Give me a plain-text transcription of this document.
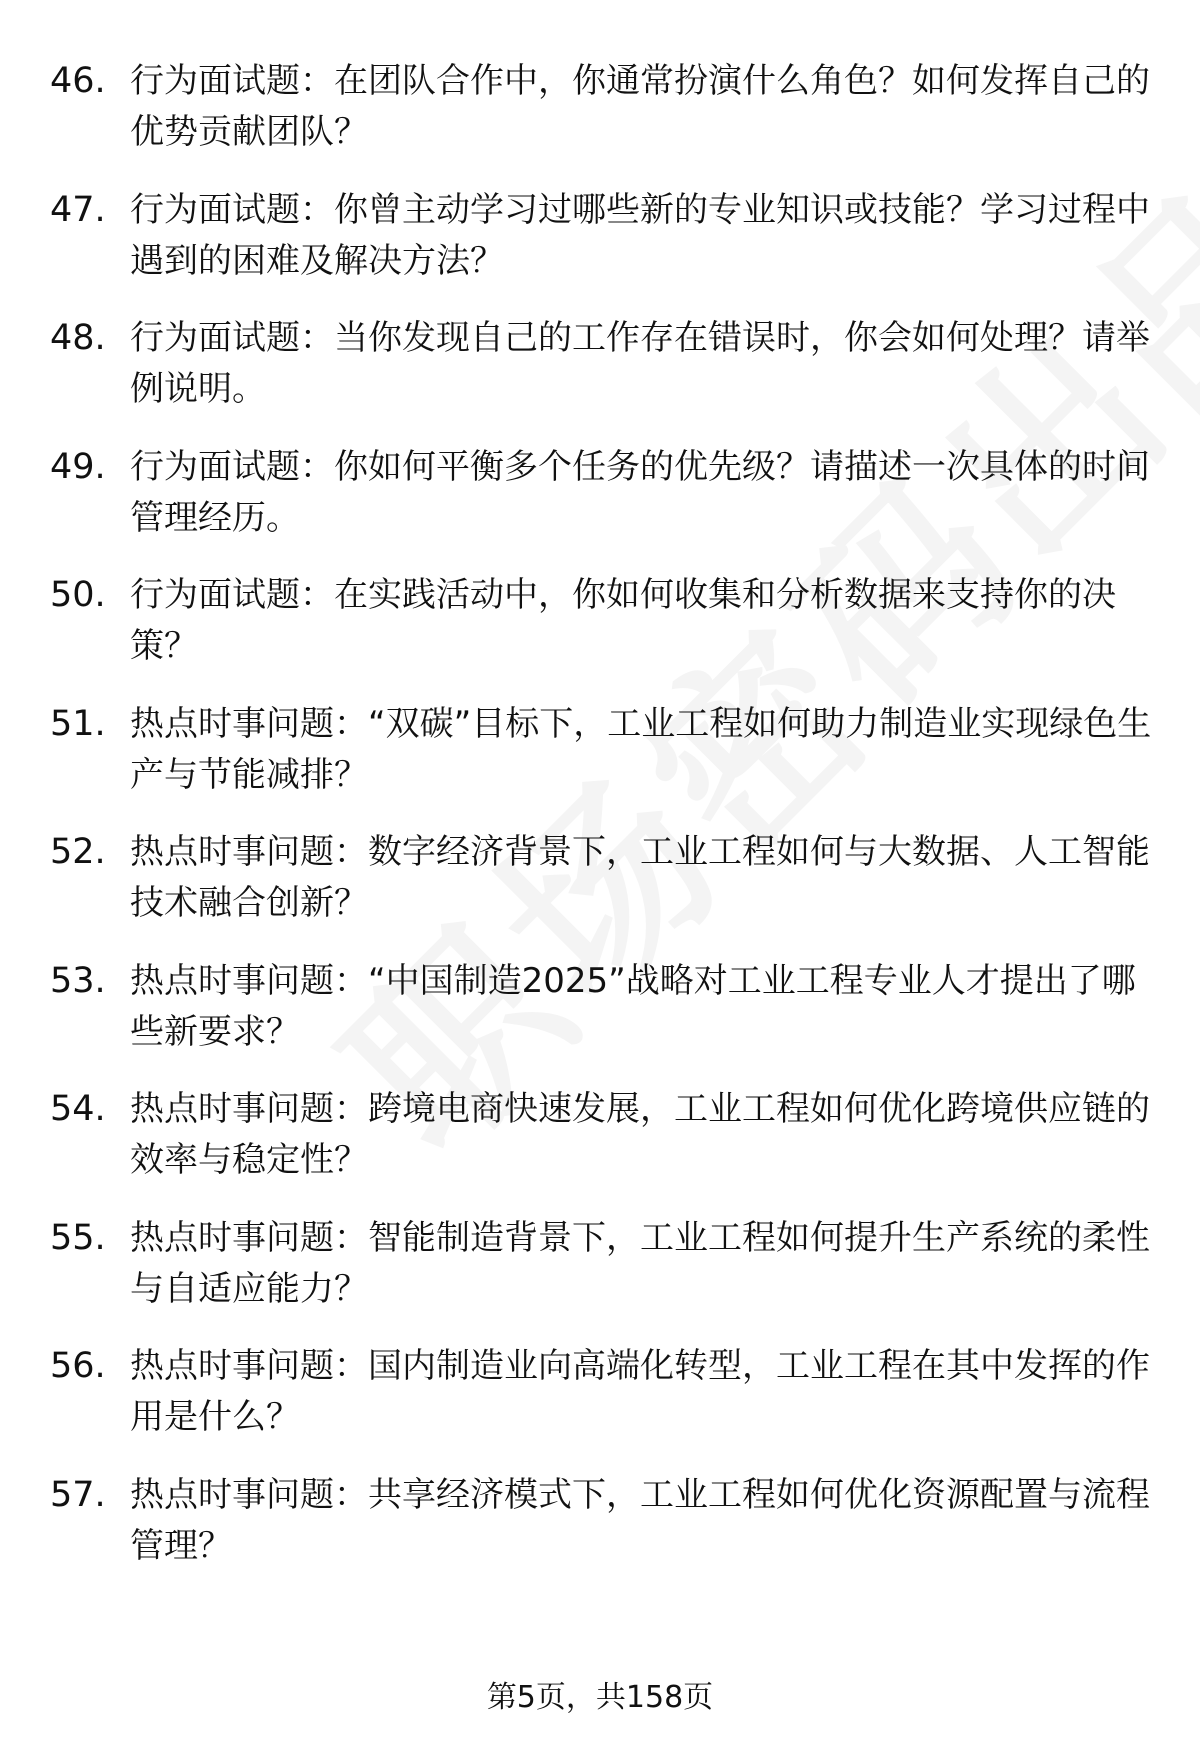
46. 行为面试题：在团队合作中，你通常扮演什么角色？如何发挥自己的优势贡献团队？

47. 行为面试题：你曾主动学习过哪些新的专业知识或技能？学习过程中遇到的困难及解决方法？

48. 行为面试题：当你发现自己的工作存在错误时，你会如何处理？请举例说明。

49. 行为面试题：你如何平衡多个任务的优先级？请描述一次具体的时间管理经历。

50. 行为面试题：在实践活动中，你如何收集和分析数据来支持你的决策？

51. 热点时事问题：“双碳”目标下，工业工程如何助力制造业实现绿色生产与节能减排？

52. 热点时事问题：数字经济背景下，工业工程如何与大数据、人工智能技术融合创新？

53. 热点时事问题：“中国制造2025”战略对工业工程专业人才提出了哪些新要求？

54. 热点时事问题：跨境电商快速发展，工业工程如何优化跨境供应链的效率与稳定性？

55. 热点时事问题：智能制造背景下，工业工程如何提升生产系统的柔性与自适应能力？

56. 热点时事问题：国内制造业向高端化转型，工业工程在其中发挥的作用是什么？

57. 热点时事问题：共享经济模式下，工业工程如何优化资源配置与流程管理？

第5页，共158页
